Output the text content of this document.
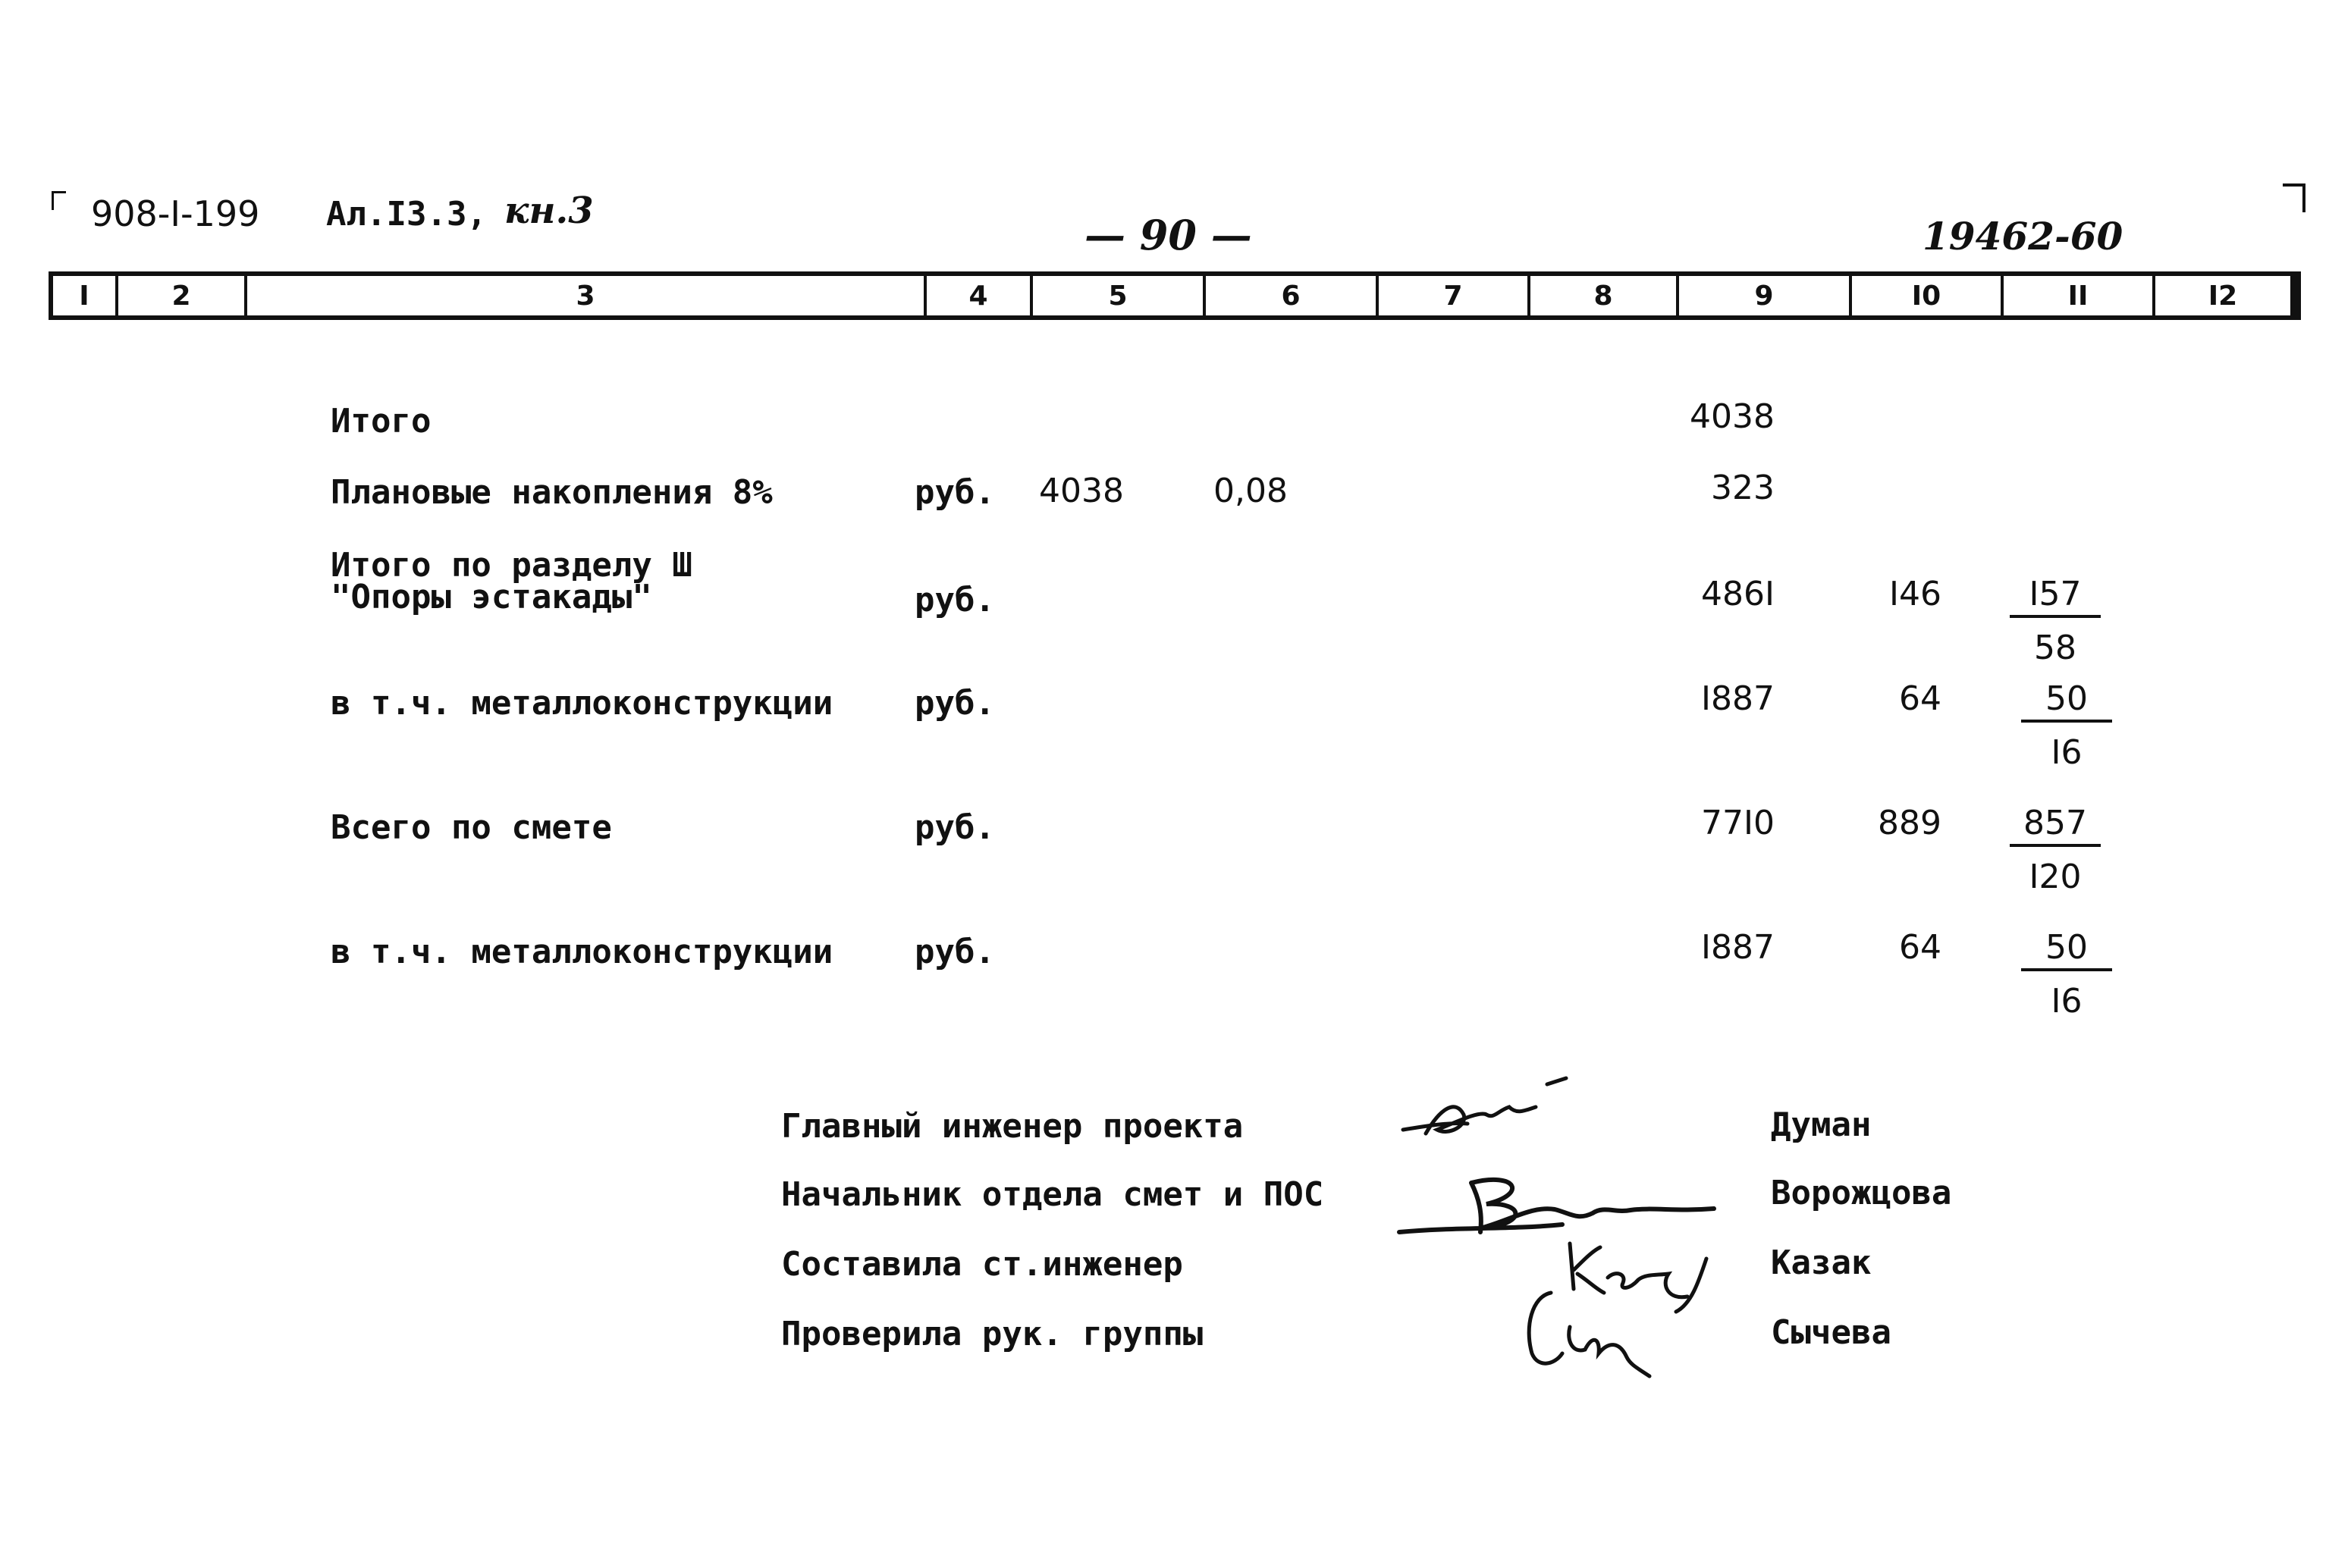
908-I-199 Ал.I3.3, кн.3	— 90 —	19462-60
I	2	3	4	5	6	7	8	9	I0	II	I2
Итого	4038
Плановые накопления 8%	руб. 4038	0,08	323
Итого по разделу Ш
"Опоры эстакады"	руб.	486I	$I46 \frac{I57}{58}$
в т.ч. металлоконструкции руб.	I887	$64 \frac{50}{I6}$
Всего по смете	руб.	77I0	$889 \frac{857}{I20}$
в т.ч. металлоконструкции руб.	I887	$64 \frac{50}{I6}$
Главный инженер проекта	Думан
Начальник отдела смет и ПОС	Ворожцова
Составила ст.инженер	Казак
Проверила рук. группы	Сычева
